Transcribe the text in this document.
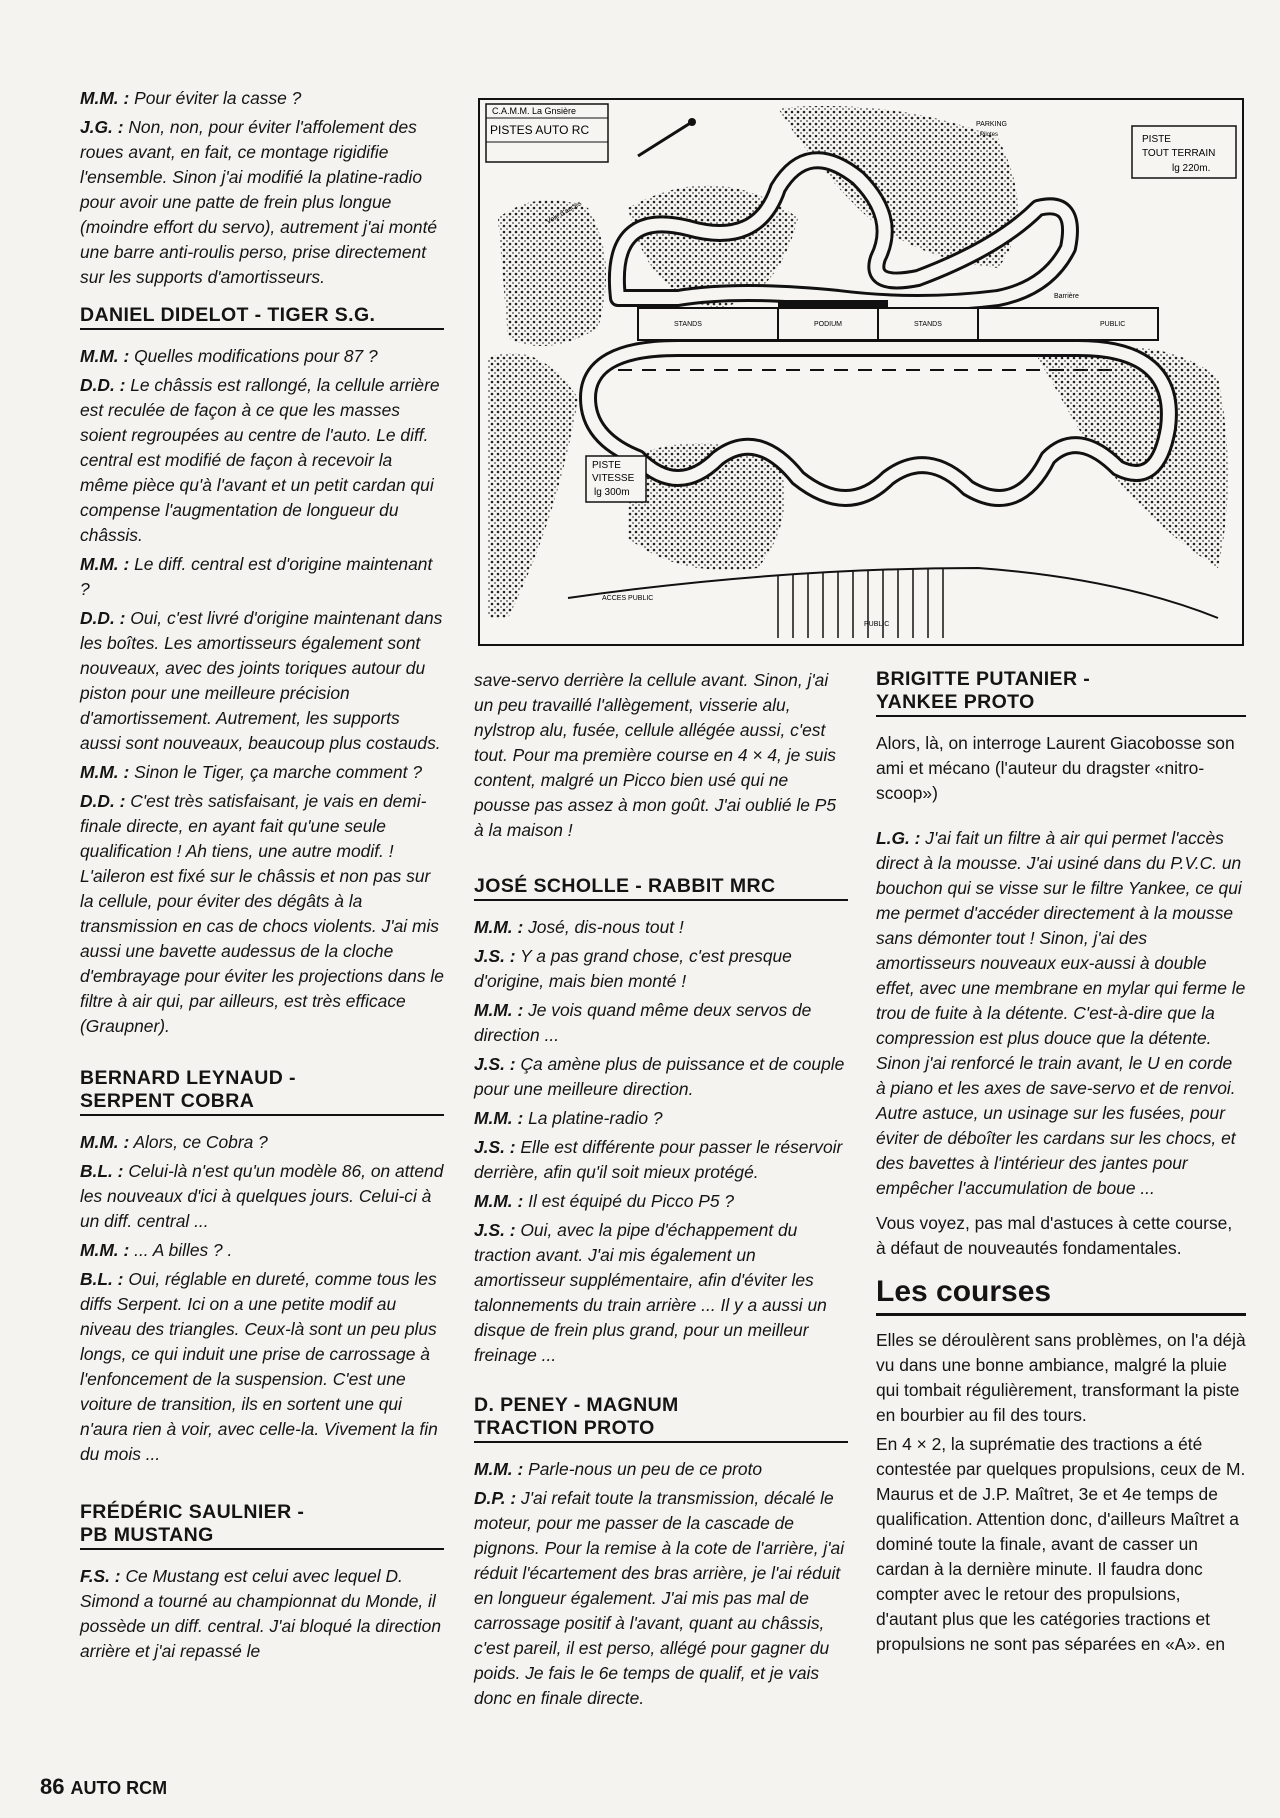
M.M. : Pour éviter la casse ?

J.G. : Non, non, pour éviter l'affolement des roues avant, en fait, ce montage rigidifie l'ensemble. Sinon j'ai modifié la platine-radio pour avoir une patte de frein plus longue (moindre effort du servo), autrement j'ai monté une barre anti-roulis perso, prise directement sur les supports d'amortisseurs.

DANIEL DIDELOT - TIGER S.G.

M.M. : Quelles modifications pour 87 ?

D.D. : Le châssis est rallongé, la cellule arrière est reculée de façon à ce que les masses soient regroupées au centre de l'auto. Le diff. central est modifié de façon à recevoir la même pièce qu'à l'avant et un petit cardan qui compense l'augmentation de longueur du châssis.

M.M. : Le diff. central est d'origine maintenant ?

D.D. : Oui, c'est livré d'origine maintenant dans les boîtes. Les amortisseurs également sont nouveaux, avec des joints toriques autour du piston pour une meilleure précision d'amortissement. Autrement, les supports aussi sont nouveaux, beaucoup plus costauds.

M.M. : Sinon le Tiger, ça marche comment ?

D.D. : C'est très satisfaisant, je vais en demi-finale directe, en ayant fait qu'une seule qualification ! Ah tiens, une autre modif. ! L'aileron est fixé sur le châssis et non pas sur la cellule, pour éviter des dégâts à la transmission en cas de chocs violents. J'ai mis aussi une bavette audessus de la cloche d'embrayage pour éviter les projections dans le filtre à air qui, par ailleurs, est très efficace (Graupner).

BERNARD LEYNAUD -
SERPENT COBRA

M.M. : Alors, ce Cobra ?

B.L. : Celui-là n'est qu'un modèle 86, on attend les nouveaux d'ici à quelques jours. Celui-ci à un diff. central ...

M.M. : ... A billes ? .

B.L. : Oui, réglable en dureté, comme tous les diffs Serpent. Ici on a une petite modif au niveau des triangles. Ceux-là sont un peu plus longs, ce qui induit une prise de carrossage à l'enfoncement de la suspension. C'est une voiture de transition, ils en sortent une qui n'aura rien à voir, avec celle-la. Vivement la fin du mois ...

FRÉDÉRIC SAULNIER -
PB MUSTANG

F.S. : Ce Mustang est celui avec lequel D. Simond a tourné au championnat du Monde, il possède un diff. central. J'ai bloqué la direction arrière et j'ai repassé le

C.A.M.M. La Gnsière
PISTES AUTO RC	PARKING
Pilotes	PISTE
TOUT TERRAIN
lg 220m.
STANDS	PODIUM	STANDS	PUBLIC
Barrière
PISTE
VITESSE
lg 300m
PUBLIC
ACCES PUBLIC
Voie d'accès

save-servo derrière la cellule avant. Sinon, j'ai un peu travaillé l'allègement, visserie alu, nylstrop alu, fusée, cellule allégée aussi, c'est tout. Pour ma première course en 4 × 4, je suis content, malgré un Picco bien usé qui ne pousse pas assez à mon goût. J'ai oublié le P5 à la maison !

JOSÉ SCHOLLE - RABBIT MRC

M.M. : José, dis-nous tout !

J.S. : Y a pas grand chose, c'est presque d'origine, mais bien monté !

M.M. : Je vois quand même deux servos de direction ...

J.S. : Ça amène plus de puissance et de couple pour une meilleure direction.

M.M. : La platine-radio ?

J.S. : Elle est différente pour passer le réservoir derrière, afin qu'il soit mieux protégé.

M.M. : Il est équipé du Picco P5 ?

J.S. : Oui, avec la pipe d'échappement du traction avant. J'ai mis également un amortisseur supplémentaire, afin d'éviter les talonnements du train arrière ... Il y a aussi un disque de frein plus grand, pour un meilleur freinage ...

D. PENEY - MAGNUM
TRACTION PROTO

M.M. : Parle-nous un peu de ce proto

D.P. : J'ai refait toute la transmission, décalé le moteur, pour me passer de la cascade de pignons. Pour la remise à la cote de l'arrière, j'ai réduit l'écartement des bras arrière, je l'ai réduit en longueur également. J'ai mis pas mal de carrossage positif à l'avant, quant au châssis, c'est pareil, il est perso, allégé pour gagner du poids. Je fais le 6e temps de qualif, et je vais donc en finale directe.

BRIGITTE PUTANIER -
YANKEE PROTO

Alors, là, on interroge Laurent Giacobosse son ami et mécano (l'auteur du dragster «nitro-scoop»)

L.G. : J'ai fait un filtre à air qui permet l'accès direct à la mousse. J'ai usiné dans du P.V.C. un bouchon qui se visse sur le filtre Yankee, ce qui me permet d'accéder directement à la mousse sans démonter tout ! Sinon, j'ai des amortisseurs nouveaux eux-aussi à double effet, avec une membrane en mylar qui ferme le trou de fuite à la détente. C'est-à-dire que la compression est plus douce que la détente. Sinon j'ai renforcé le train avant, le U en corde à piano et les axes de save-servo et de renvoi. Autre astuce, un usinage sur les fusées, pour éviter de déboîter les cardans sur les chocs, et des bavettes à l'intérieur des jantes pour empêcher l'accumulation de boue ...

Vous voyez, pas mal d'astuces à cette course, à défaut de nouveautés fondamentales.

Les courses

Elles se déroulèrent sans problèmes, on l'a déjà vu dans une bonne ambiance, malgré la pluie qui tombait régulièrement, transformant la piste en bourbier au fil des tours.

En 4 × 2, la suprématie des tractions a été contestée par quelques propulsions, ceux de M. Maurus et de J.P. Maîtret, 3e et 4e temps de qualification. Attention donc, d'ailleurs Maîtret a dominé toute la finale, avant de casser un cardan à la dernière minute. Il faudra donc compter avec le retour des propulsions, d'autant plus que les catégories tractions et propulsions ne sont pas séparées en «A». en

86 AUTO RCM
